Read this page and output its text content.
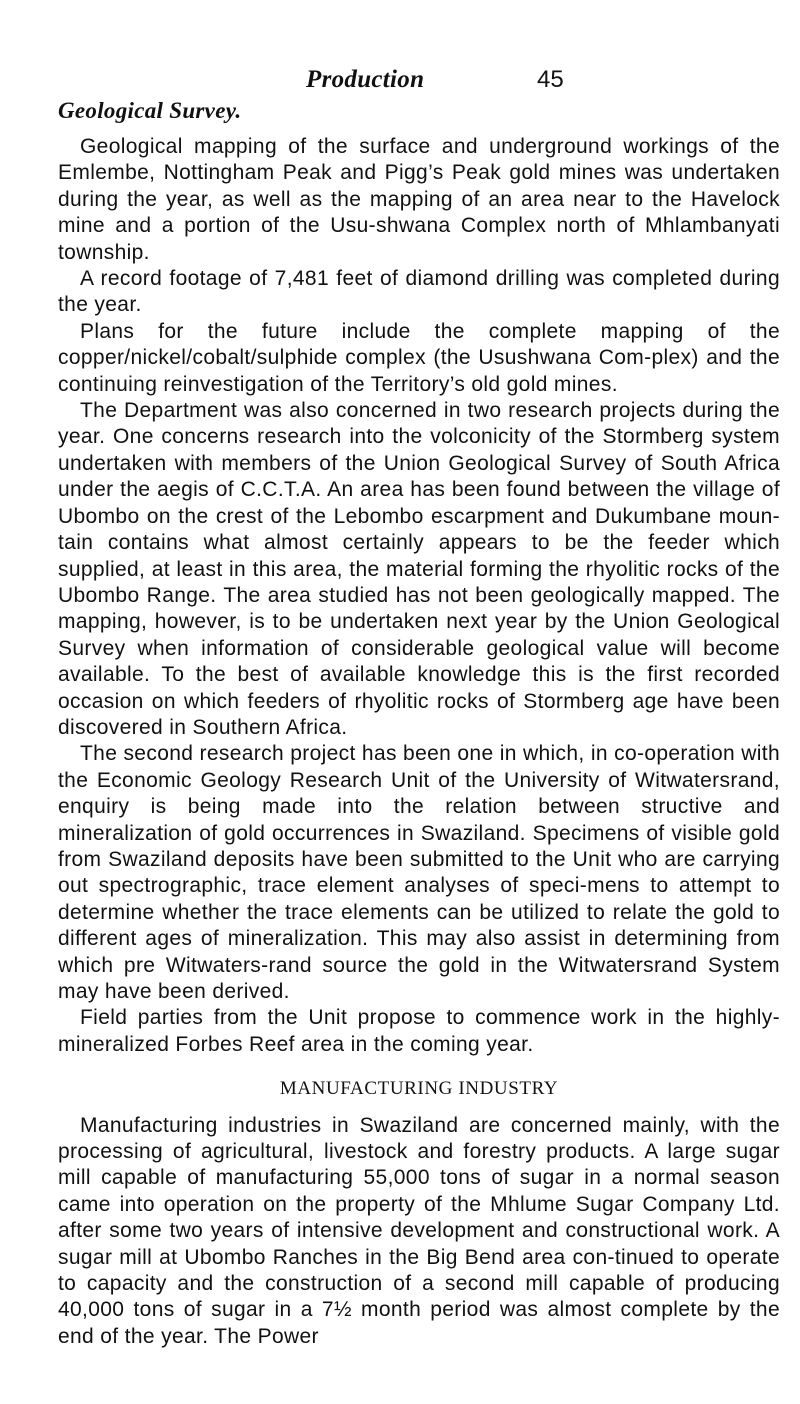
Production	45
Geological Survey.

Geological mapping of the surface and underground workings of the Emlembe, Nottingham Peak and Pigg’s Peak gold mines was undertaken during the year, as well as the mapping of an area near to the Havelock mine and a portion of the Usu-shwana Complex north of Mhlambanyati township.

A record footage of 7,481 feet of diamond drilling was completed during the year.

Plans for the future include the complete mapping of the copper/nickel/cobalt/sulphide complex (the Usushwana Com-plex) and the continuing reinvestigation of the Territory’s old gold mines.

The Department was also concerned in two research projects during the year. One concerns research into the volconicity of the Stormberg system undertaken with members of the Union Geological Survey of South Africa under the aegis of C.C.T.A. An area has been found between the village of Ubombo on the crest of the Lebombo escarpment and Dukumbane moun-tain contains what almost certainly appears to be the feeder which supplied, at least in this area, the material forming the rhyolitic rocks of the Ubombo Range. The area studied has not been geologically mapped. The mapping, however, is to be undertaken next year by the Union Geological Survey when information of considerable geological value will become available. To the best of available knowledge this is the first recorded occasion on which feeders of rhyolitic rocks of Stormberg age have been discovered in Southern Africa.

The second research project has been one in which, in co-operation with the Economic Geology Research Unit of the University of Witwatersrand, enquiry is being made into the relation between structive and mineralization of gold occurrences in Swaziland. Specimens of visible gold from Swaziland deposits have been submitted to the Unit who are carrying out spectrographic, trace element analyses of speci-mens to attempt to determine whether the trace elements can be utilized to relate the gold to different ages of mineralization. This may also assist in determining from which pre Witwaters-rand source the gold in the Witwatersrand System may have been derived.

Field parties from the Unit propose to commence work in the highly-mineralized Forbes Reef area in the coming year.

MANUFACTURING INDUSTRY

Manufacturing industries in Swaziland are concerned mainly, with the processing of agricultural, livestock and forestry products. A large sugar mill capable of manufacturing 55,000 tons of sugar in a normal season came into operation on the property of the Mhlume Sugar Company Ltd. after some two years of intensive development and constructional work. A sugar mill at Ubombo Ranches in the Big Bend area con-tinued to operate to capacity and the construction of a second mill capable of producing 40,000 tons of sugar in a 7½ month period was almost complete by the end of the year. The Power
